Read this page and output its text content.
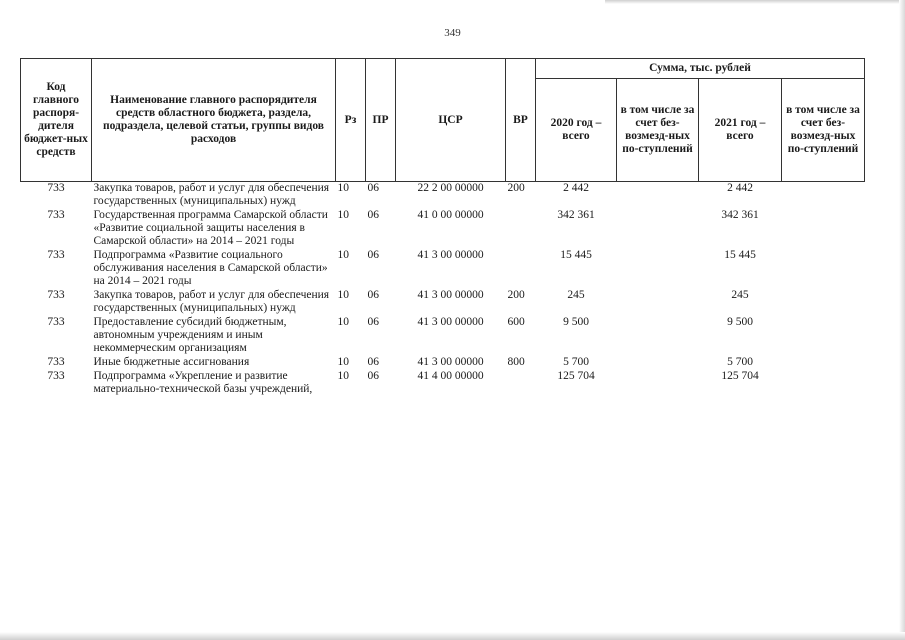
349
Код главного распоря-дителя бюджет-ных средств	Наименование главного распорядителя средств областного бюджета, раздела, подраздела, целевой статьи, группы видов расходов	Рз	ПР	ЦСР	ВР	Сумма, тыс. рублей			
						2020 год – всего	в том числе за счет без-возмезд-ных по-ступлений	2021 год – всего	в том числе за счет без-возмезд-ных по-ступлений
733	Закупка товаров, работ и услуг для обеспечения государственных (муниципальных) нужд	10	06	22 2 00 00000	200	2 442		2 442	
733	Государственная программа Самарской области «Развитие социальной защиты населения в Самарской области» на 2014 – 2021 годы	10	06	41 0 00 00000		342 361		342 361	
733	Подпрограмма «Развитие социального обслуживания населения в Самарской области» на 2014 – 2021 годы	10	06	41 3 00 00000		15 445		15 445	
733	Закупка товаров, работ и услуг для обеспечения государственных (муниципальных) нужд	10	06	41 3 00 00000	200	245		245	
733	Предоставление субсидий бюджетным, автономным учреждениям и иным некоммерческим организациям	10	06	41 3 00 00000	600	9 500		9 500	
733	Иные бюджетные ассигнования	10	06	41 3 00 00000	800	5 700		5 700	
733	Подпрограмма «Укрепление и развитие материально-технической базы учреждений,	10	06	41 4 00 00000		125 704		125 704	
